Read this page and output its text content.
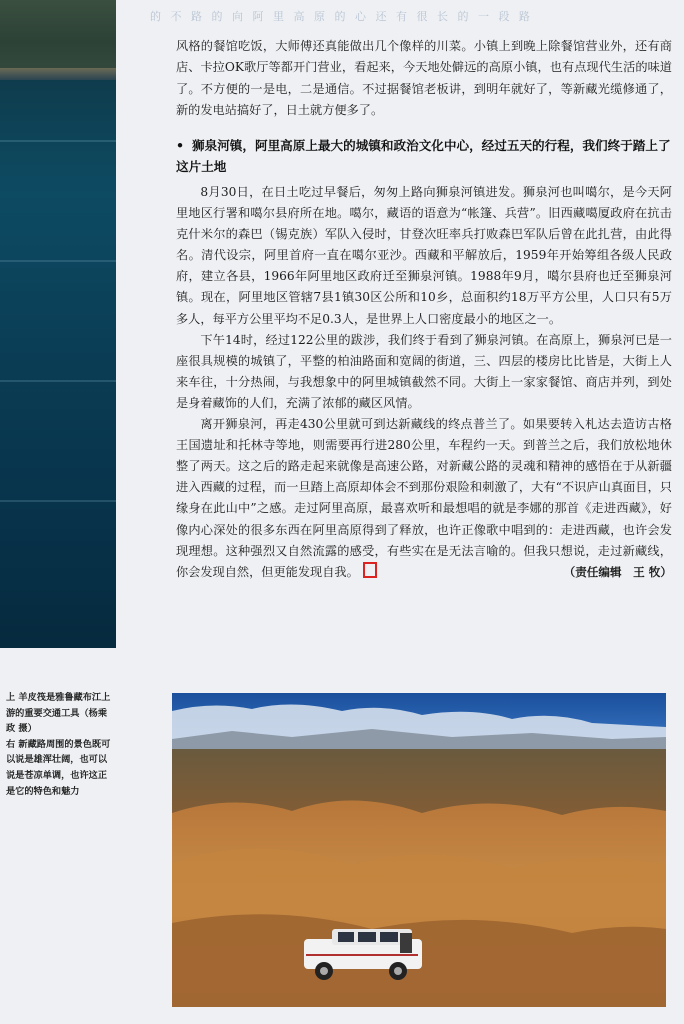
的 不 路 的 向 阿 里 高 原 的 心 还 有 很 长 的 一 段 路

风格的餐馆吃饭，大师傅还真能做出几个像样的川菜。小镇上到晚上除餐馆营业外，还有商店、卡拉OK歌厅等都开门营业，看起来，今天地处僻远的高原小镇，也有点现代生活的味道了。不方便的一是电，二是通信。不过据餐馆老板讲，到明年就好了，等新藏光缆修通了，新的发电站搞好了，日土就方便多了。

• 狮泉河镇，阿里高原上最大的城镇和政治文化中心，经过五天的行程，我们终于踏上了这片土地

8月30日，在日土吃过早餐后，匆匆上路向狮泉河镇进发。狮泉河也叫噶尔，是今天阿里地区行署和噶尔县府所在地。噶尔，藏语的语意为“帐篷、兵营”。旧西藏噶厦政府在抗击克什米尔的森巴（锡克族）军队入侵时，甘登次旺率兵打败森巴军队后曾在此扎营，由此得名。清代设宗，阿里首府一直在噶尔亚沙。西藏和平解放后，1959年开始筹组各级人民政府，建立各县，1966年阿里地区政府迁至狮泉河镇。1988年9月，噶尔县府也迁至狮泉河镇。现在，阿里地区管辖7县1镇30区公所和10乡，总面积约18万平方公里，人口只有5万多人，每平方公里平均不足0.3人，是世界上人口密度最小的地区之一。

下午14时，经过122公里的跋涉，我们终于看到了狮泉河镇。在高原上，狮泉河已是一座很具规模的城镇了，平整的柏油路面和宽阔的街道，三、四层的楼房比比皆是，大街上人来车往，十分热闹，与我想象中的阿里城镇截然不同。大街上一家家餐馆、商店并列，到处是身着藏饰的人们，充满了浓郁的藏区风情。

离开狮泉河，再走430公里就可到达新藏线的终点普兰了。如果要转入札达去造访古格王国遗址和托林寺等地，则需要再行进280公里，车程约一天。到普兰之后，我们放松地休整了两天。这之后的路走起来就像是高速公路，对新藏公路的灵魂和精神的感悟在于从新疆进入西藏的过程，而一旦踏上高原却体会不到那份艰险和刺激了，大有“不识庐山真面目，只缘身在此山中”之感。走过阿里高原，最喜欢听和最想唱的就是李娜的那首《走进西藏》，好像内心深处的很多东西在阿里高原得到了释放，也许正像歌中唱到的：走进西藏，也许会发现理想。这种强烈又自然流露的感受，有些实在是无法言喻的。但我只想说，走过新藏线，你会发现自然，但更能发现自我。	（责任编辑　王 牧）

上 羊皮筏是雅鲁藏布江上游的重要交通工具（杨乘政 摄）
右 新藏路周围的景色既可以说是雄浑壮阔，也可以说是苍凉单调，也许这正是它的特色和魅力
